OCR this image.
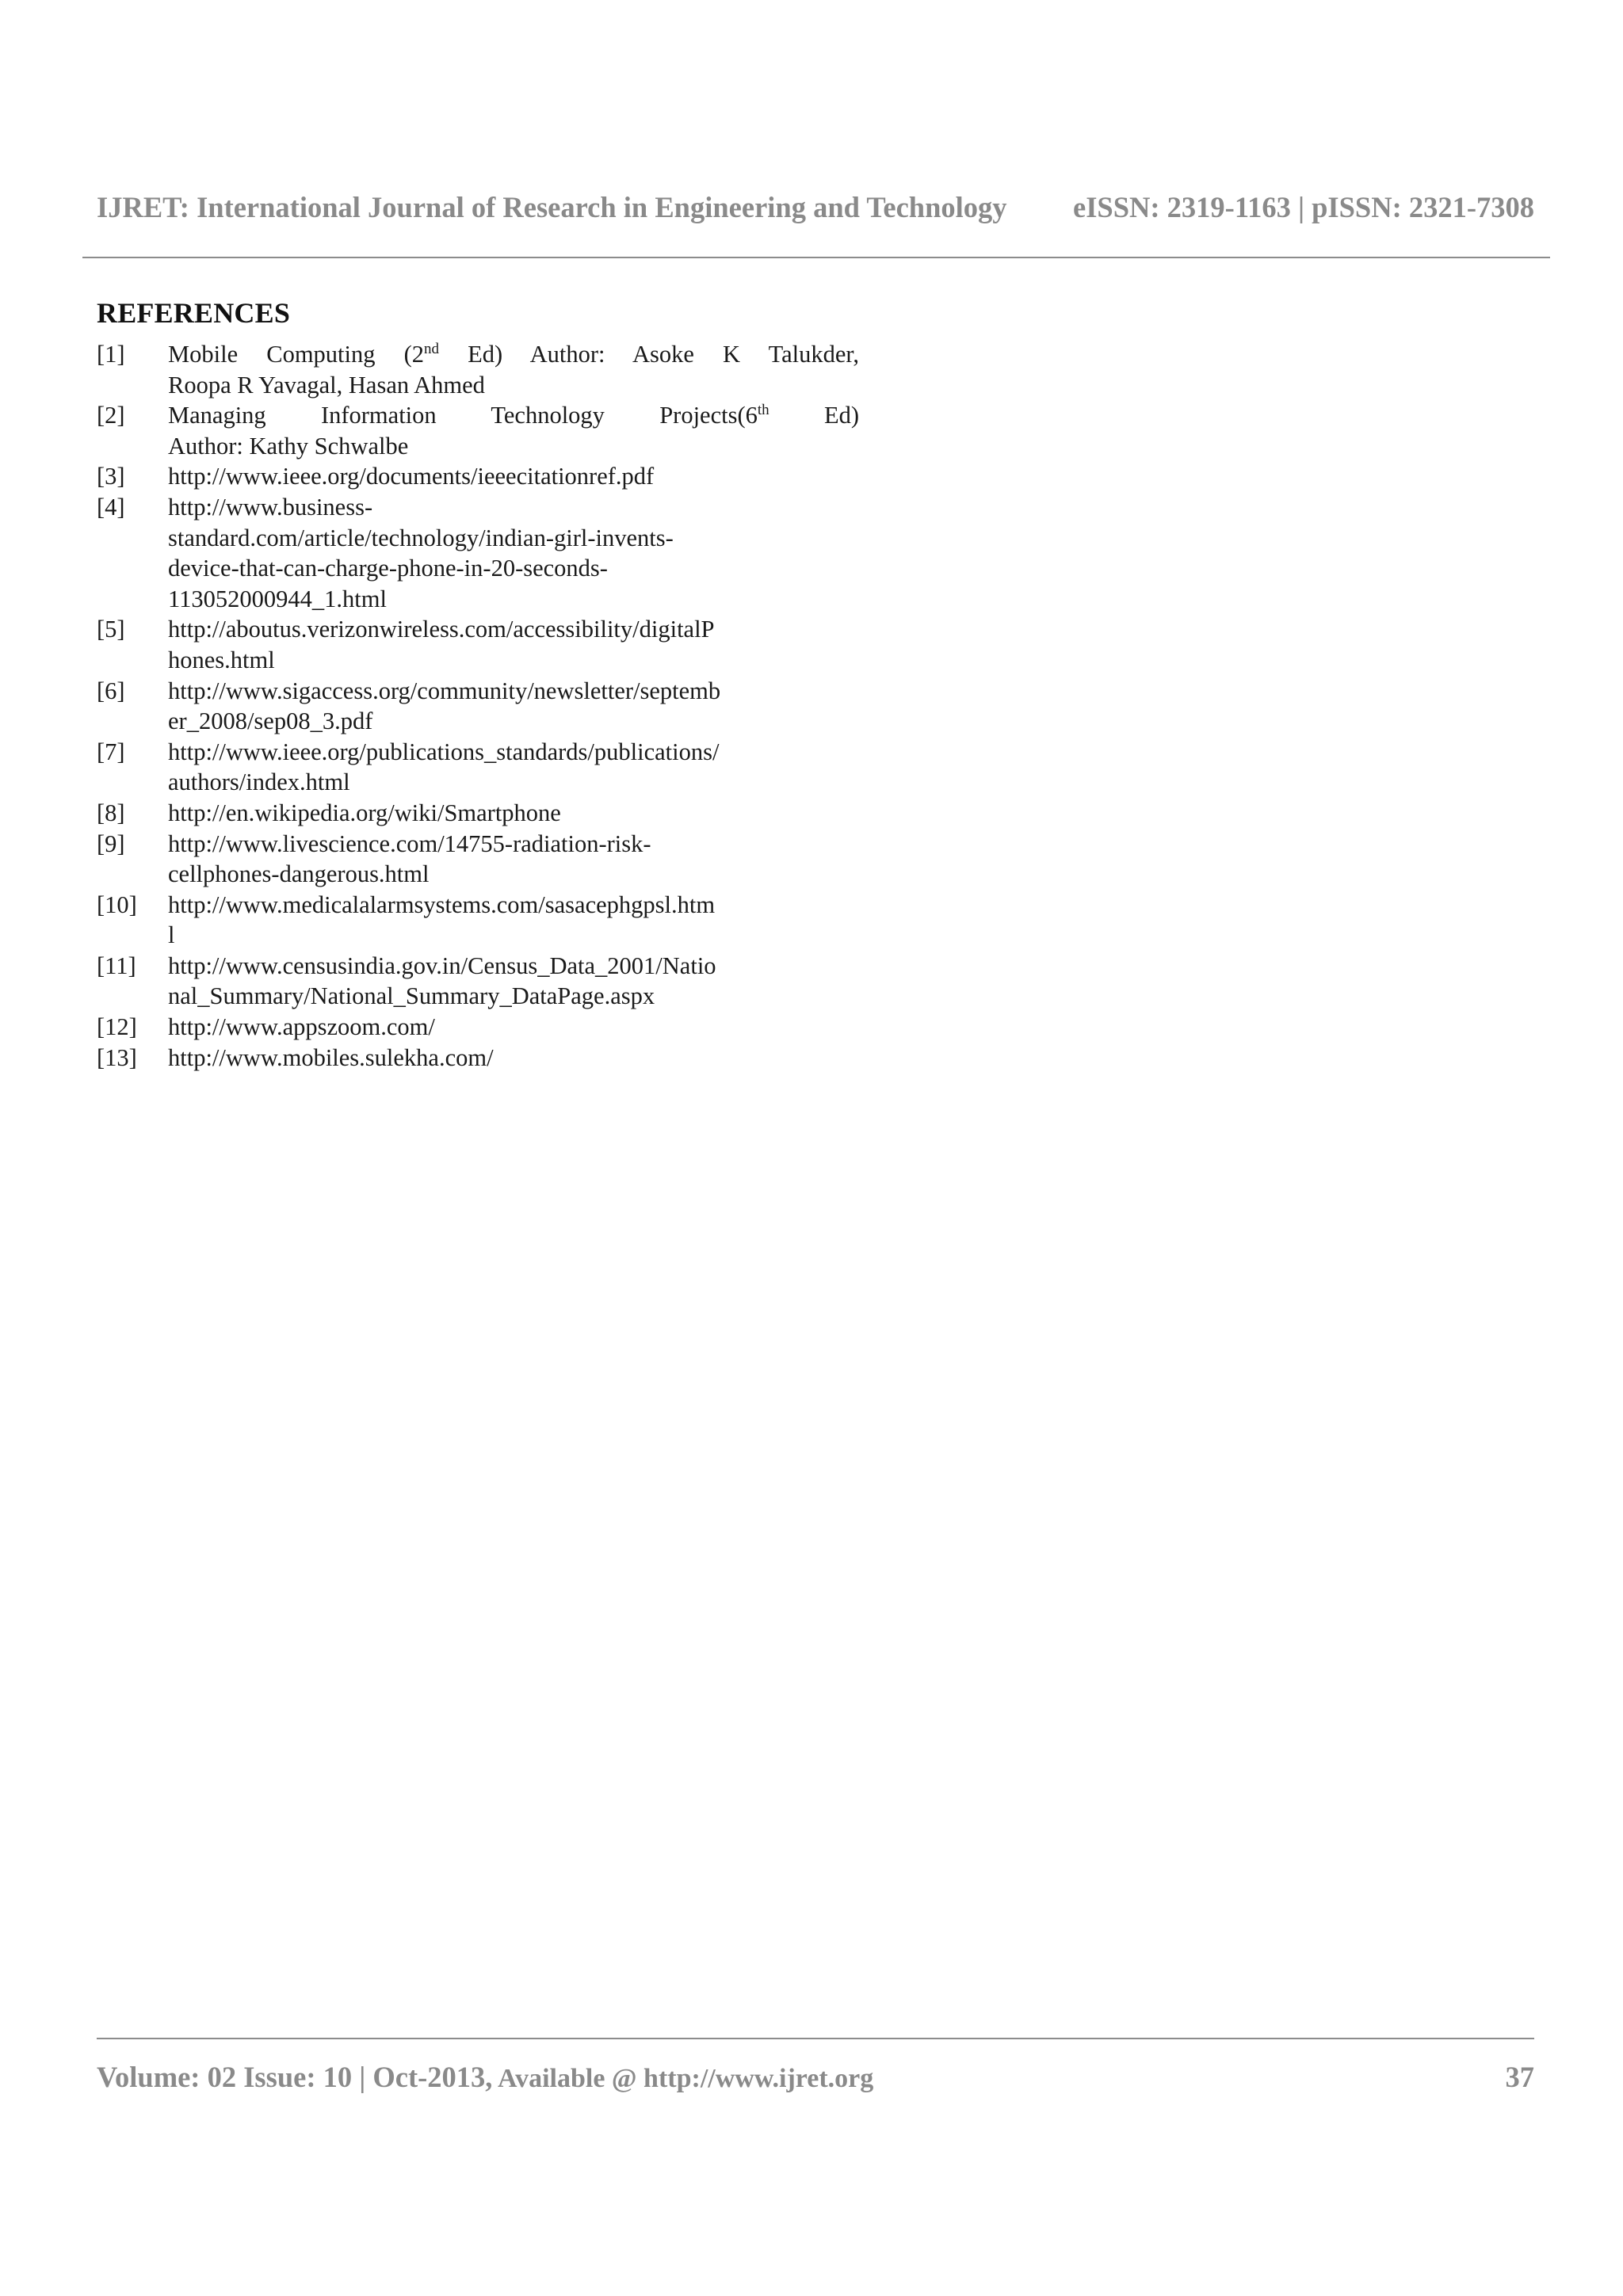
IJRET: International Journal of Research in Engineering and Technology eISSN: 2319-1163 | pISSN: 2321-7308
REFERENCES
[1]	Mobile Computing (2nd Ed) Author: Asoke K Talukder,
Roopa R Yavagal, Hasan Ahmed
[2]	Managing Information Technology Projects(6th Ed)
Author: Kathy Schwalbe
[3]	http://www.ieee.org/documents/ieeecitationref.pdf
[4]	http://www.business-
standard.com/article/technology/indian-girl-invents-
device-that-can-charge-phone-in-20-seconds-
113052000944_1.html
[5]	http://aboutus.verizonwireless.com/accessibility/digitalP
hones.html
[6]	http://www.sigaccess.org/community/newsletter/septemb
er_2008/sep08_3.pdf
[7]	http://www.ieee.org/publications_standards/publications/
authors/index.html
[8]	http://en.wikipedia.org/wiki/Smartphone
[9]	http://www.livescience.com/14755-radiation-risk-
cellphones-dangerous.html
[10]	http://www.medicalalarmsystems.com/sasacephgpsl.htm
l
[11]	http://www.censusindia.gov.in/Census_Data_2001/Natio
nal_Summary/National_Summary_DataPage.aspx
[12]	http://www.appszoom.com/
[13]	http://www.mobiles.sulekha.com/
Volume: 02 Issue: 10 | Oct-2013, Available @ http://www.ijret.org	37
